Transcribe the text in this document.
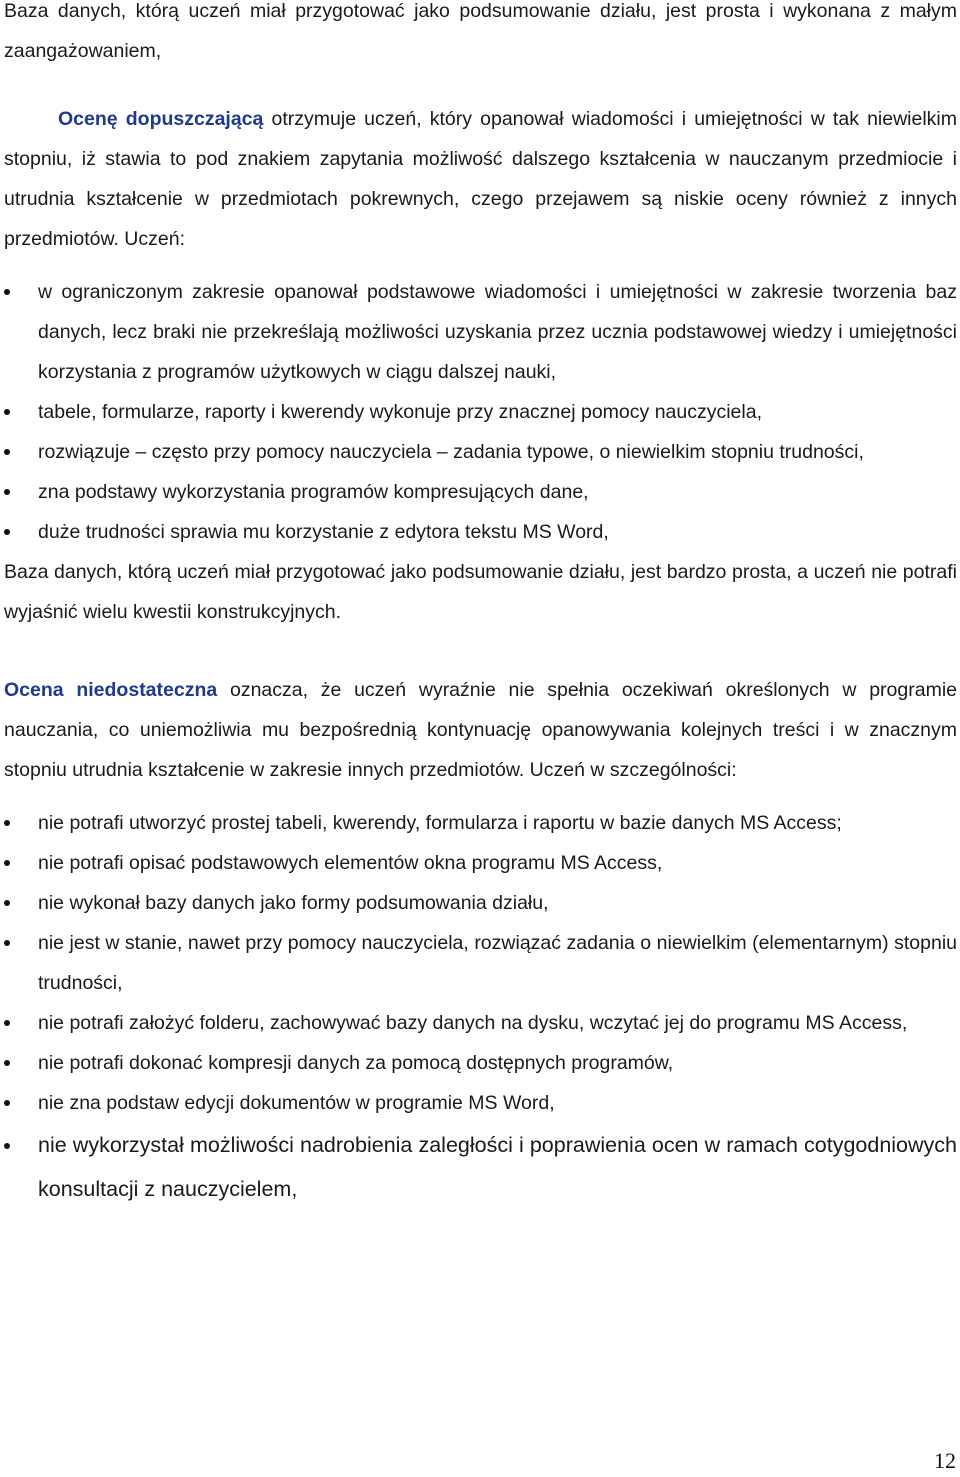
Baza danych, którą uczeń miał przygotować jako podsumowanie działu, jest prosta i wykonana z małym zaangażowaniem,

Ocenę dopuszczającą otrzymuje uczeń, który opanował wiadomości i umiejętności w tak niewielkim stopniu, iż stawia to pod znakiem zapytania możliwość dalszego kształcenia w nauczanym przedmiocie i utrudnia kształcenie w przedmiotach pokrewnych, czego przejawem są niskie oceny również z innych przedmiotów. Uczeń:

w ograniczonym zakresie opanował podstawowe wiadomości i umiejętności w zakresie tworzenia baz danych, lecz braki nie przekreślają możliwości uzyskania przez ucznia podstawowej wiedzy i umiejętności korzystania z programów użytkowych w ciągu dalszej nauki,
tabele, formularze, raporty i kwerendy wykonuje przy znacznej pomocy nauczyciela,
rozwiązuje – często przy pomocy nauczyciela – zadania typowe, o niewielkim stopniu trudności,
zna podstawy wykorzystania programów kompresujących dane,
duże trudności sprawia mu korzystanie z edytora tekstu MS Word,

Baza danych, którą uczeń miał przygotować jako podsumowanie działu, jest bardzo prosta, a uczeń nie potrafi wyjaśnić wielu kwestii konstrukcyjnych.

Ocena niedostateczna oznacza, że uczeń wyraźnie nie spełnia oczekiwań określonych w programie nauczania, co uniemożliwia mu bezpośrednią kontynuację opanowywania kolejnych treści i w znacznym stopniu utrudnia kształcenie w zakresie innych przedmiotów. Uczeń w szczególności:

nie potrafi utworzyć prostej tabeli, kwerendy, formularza i raportu w bazie danych MS Access;
nie potrafi opisać podstawowych elementów okna programu MS Access,
nie wykonał bazy danych jako formy podsumowania działu,
nie jest w stanie, nawet przy pomocy nauczyciela, rozwiązać zadania o niewielkim (elementarnym) stopniu trudności,
nie potrafi założyć folderu, zachowywać bazy danych na dysku, wczytać jej do programu MS Access,
nie potrafi dokonać kompresji danych za pomocą dostępnych programów,
nie zna podstaw edycji dokumentów w programie MS Word,
nie wykorzystał możliwości nadrobienia zaległości i poprawienia ocen w ramach cotygodniowych konsultacji z nauczycielem,
12
